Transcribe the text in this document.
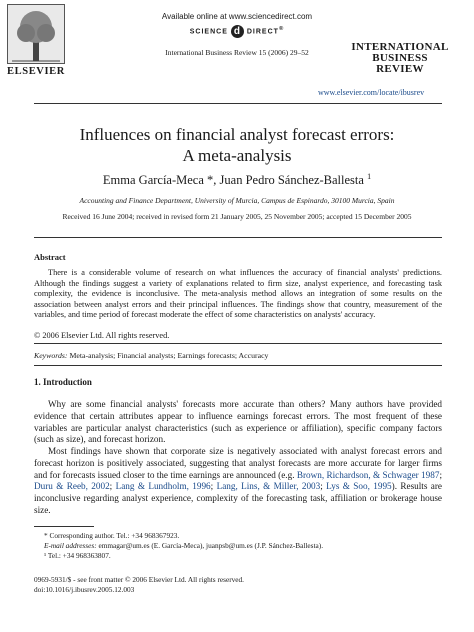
ELSEVIER
Available online at www.sciencedirect.com
SCIENCE d DIRECT®
International Business Review 15 (2006) 29–52	INTERNATIONAL
BUSINESS
REVIEW
www.elsevier.com/locate/ibusrev
Influences on financial analyst forecast errors:
A meta-analysis
Emma García-Meca *, Juan Pedro Sánchez-Ballesta $^1$
Accounting and Finance Department, University of Murcia, Campus de Espinardo, 30100 Murcia, Spain
Received 16 June 2004; received in revised form 21 January 2005, 25 November 2005; accepted 15 December 2005
Abstract
There is a considerable volume of research on what influences the accuracy of financial analysts' predictions. Although the findings suggest a variety of explanations related to firm size, analyst experience, and forecasting task complexity, the evidence is inconclusive. The meta-analysis method allows an integration of some results on the association between analyst errors and their principal influences. The findings show that country, measurement of the variables, and time period of forecast moderate the effect of some characteristics on analysts' accuracy.
© 2006 Elsevier Ltd. All rights reserved.
Keywords: Meta-analysis; Financial analysts; Earnings forecasts; Accuracy
1. Introduction
Why are some financial analysts' forecasts more accurate than others? Many authors have provided evidence that certain attributes appear to influence earnings forecast errors. The most frequent of these variables are particular analyst characteristics (such as experience or affiliation), specific company factors (such as size), and forecast horizon.
Most findings have shown that corporate size is negatively associated with analyst forecast errors and forecast horizon is positively associated, suggesting that analyst forecasts are more accurate for larger firms and for forecasts issued closer to the time earnings are announced (e.g. Brown, Richardson, & Schwager 1987; Duru & Reeb, 2002; Lang & Lundholm, 1996; Lang, Lins, & Miller, 2003; Lys & Soo, 1995). Results are inconclusive regarding analyst experience, complexity of the forecasting task, affiliation or brokerage house size.
* Corresponding author. Tel.: +34 968367923.
E-mail addresses: emmagar@um.es (E. García-Meca), juanpsb@um.es (J.P. Sánchez-Ballesta).
¹ Tel.: +34 968363807.
0969-5931/$ - see front matter © 2006 Elsevier Ltd. All rights reserved.
doi:10.1016/j.ibusrev.2005.12.003
